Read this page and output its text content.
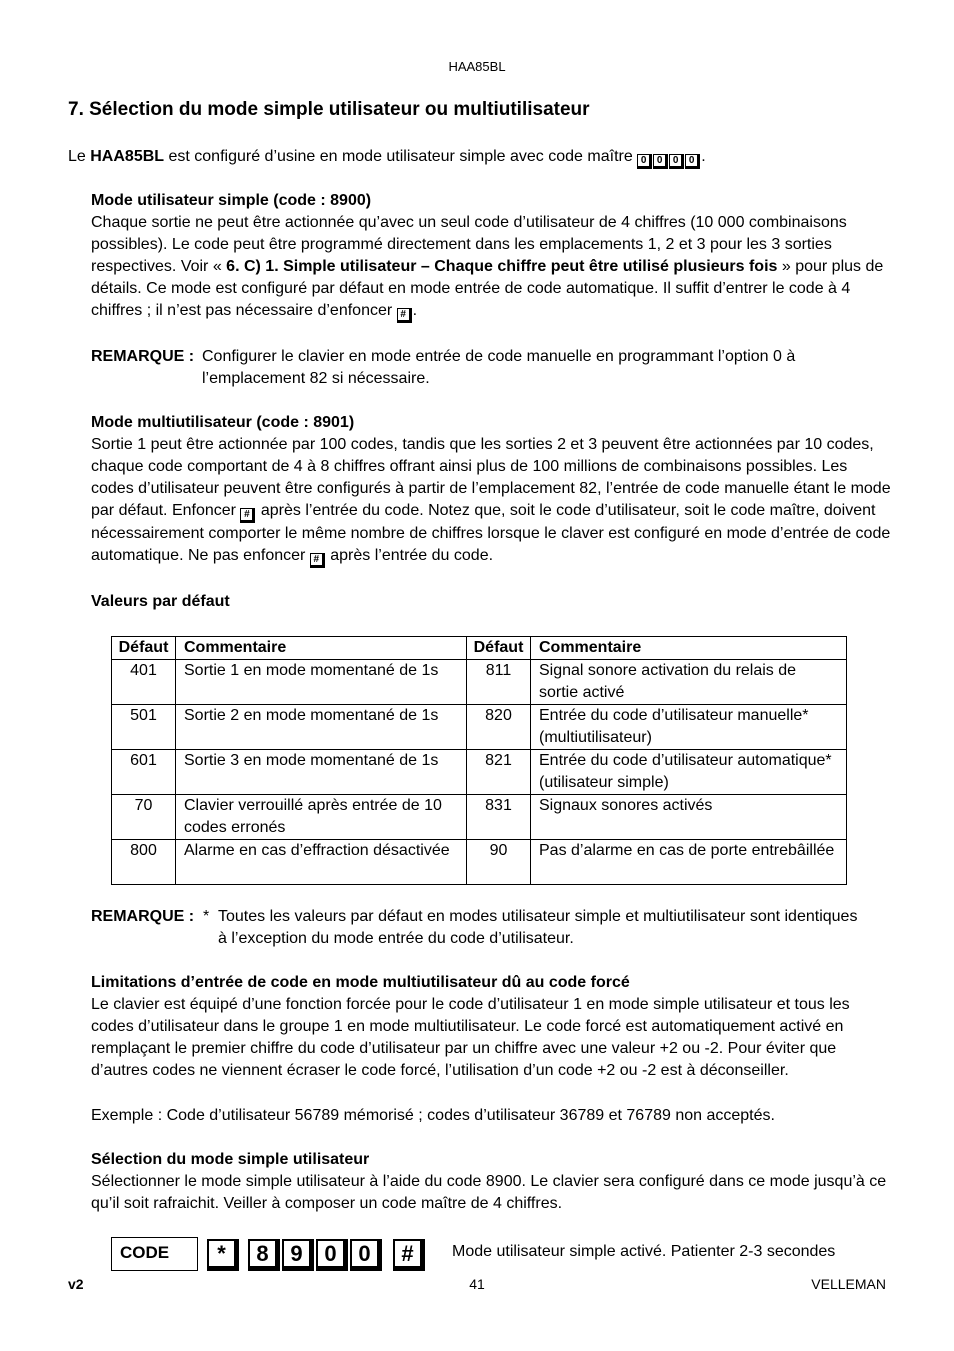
HAA85BL
7. Sélection du mode simple utilisateur ou multiutilisateur
Le HAA85BL est configuré d’usine en mode utilisateur simple avec code maître 0 0 0 0 .
Mode utilisateur simple (code : 8900)
Chaque sortie ne peut être actionnée qu’avec un seul code d’utilisateur de 4 chiffres (10 000 combinaisons possibles). Le code peut être programmé directement dans les emplacements 1, 2 et 3 pour les 3 sorties respectives. Voir « 6. C) 1. Simple utilisateur – Chaque chiffre peut être utilisé plusieurs fois » pour plus de détails. Ce mode est configuré par défaut en mode entrée de code automatique. Il suffit d’entrer le code à 4 chiffres ; il n’est pas nécessaire d’enfoncer # .
REMARQUE : Configurer le clavier en mode entrée de code manuelle en programmant l’option 0 à l’emplacement 82 si nécessaire.
Mode multiutilisateur (code : 8901)
Sortie 1 peut être actionnée par 100 codes, tandis que les sorties 2 et 3 peuvent être actionnées par 10 codes, chaque code comportant de 4 à 8 chiffres offrant ainsi plus de 100 millions de combinaisons possibles. Les codes d’utilisateur peuvent être configurés à partir de l’emplacement 82, l’entrée de code manuelle étant le mode par défaut. Enfoncer # après l’entrée du code. Notez que, soit le code d’utilisateur, soit le code maître, doivent nécessairement comporter le même nombre de chiffres lorsque le claver est configuré en mode d’entrée de code automatique. Ne pas enfoncer # après l’entrée du code.
Valeurs par défaut
Défaut	Commentaire	Défaut	Commentaire
401	Sortie 1 en mode momentané de 1s	811	Signal sonore activation du relais de sortie activé
501	Sortie 2 en mode momentané de 1s	820	Entrée du code d’utilisateur manuelle* (multiutilisateur)
601	Sortie 3 en mode momentané de 1s	821	Entrée du code d’utilisateur automatique* (utilisateur simple)
70	Clavier verrouillé après entrée de 10 codes erronés	831	Signaux sonores activés
800	Alarme en cas d’effraction désactivée	90	Pas d’alarme en cas de porte entrebâillée
REMARQUE : * Toutes les valeurs par défaut en modes utilisateur simple et multiutilisateur sont identiques à l’exception du mode entrée du code d’utilisateur.
Limitations d’entrée de code en mode multiutilisateur dû au code forcé
Le clavier est équipé d’une fonction forcée pour le code d’utilisateur 1 en mode simple utilisateur et tous les codes d’utilisateur dans le groupe 1 en mode multiutilisateur. Le code forcé est automatiquement activé en remplaçant le premier chiffre du code d’utilisateur par un chiffre avec une valeur +2 ou -2. Pour éviter que d’autres codes ne viennent écraser le code forcé, l’utilisation d’un code +2 ou -2 est à déconseiller.
Exemple : Code d’utilisateur 56789 mémorisé ; codes d’utilisateur 36789 et 76789 non acceptés.
Sélection du mode simple utilisateur
Sélectionner le mode simple utilisateur à l’aide du code 8900. Le clavier sera configuré dans ce mode jusqu’à ce qu’il soit rafraichit. Veiller à composer un code maître de 4 chiffres.
CODE	*	8 9 0 0	#	Mode utilisateur simple activé. Patienter 2-3 secondes
v2	41	VELLEMAN
